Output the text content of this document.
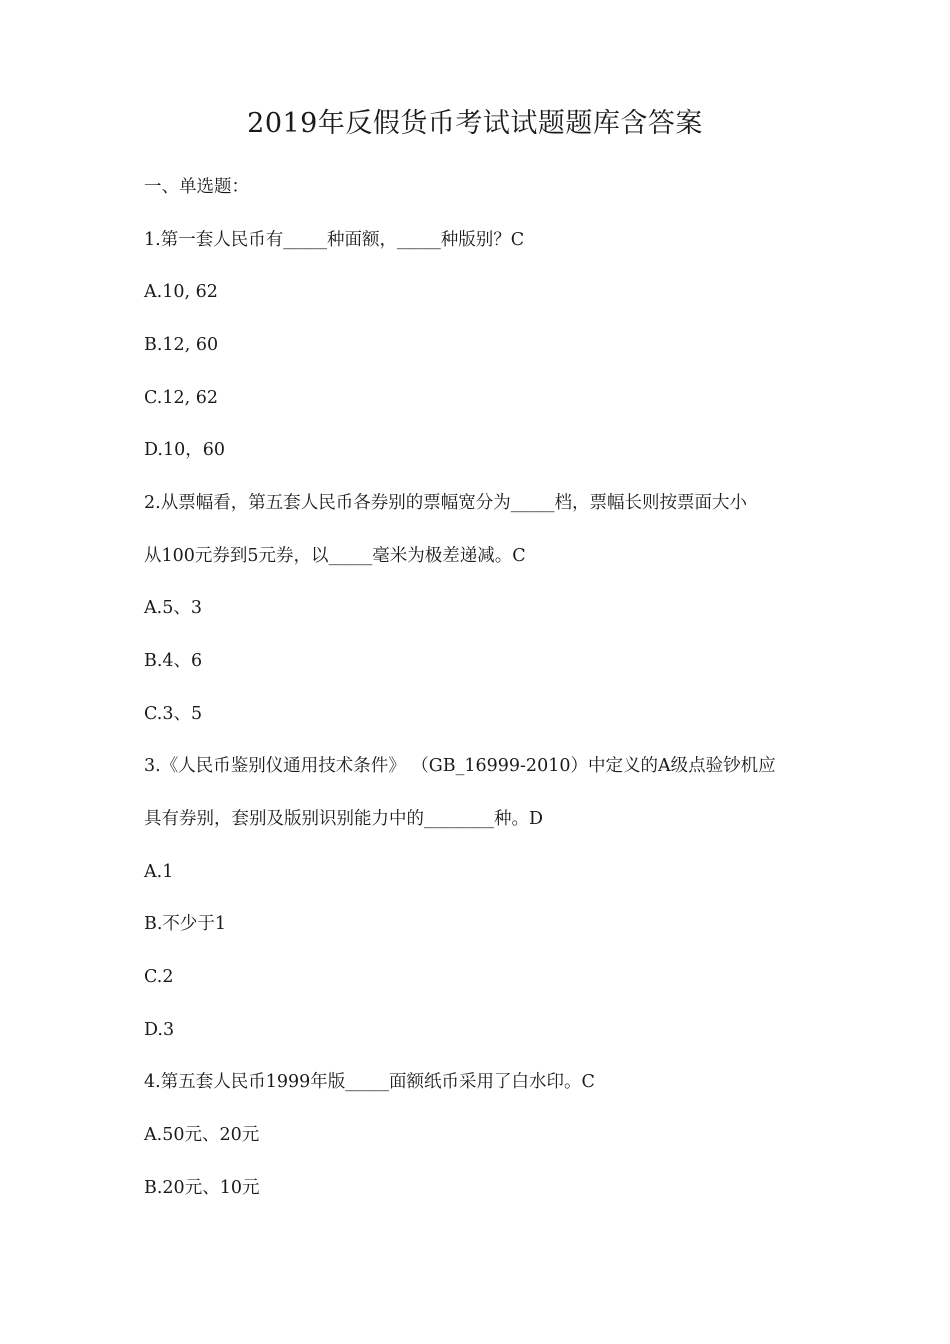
2019年反假货币考试试题题库含答案
一、单选题：
1.第一套人民币有_____种面额，_____种版别？C
A.10, 62
B.12, 60
C.12, 62
D.10，60
2.从票幅看，第五套人民币各券别的票幅宽分为_____档，票幅长则按票面大小
从100元券到5元券，以_____毫米为极差递减。C
A.5、3
B.4、6
C.3、5
3.《人民币鉴别仪通用技术条件》 （GB_16999-2010）中定义的A级点验钞机应
具有券别，套别及版别识别能力中的________种。D
A.1
B.不少于1
C.2
D.3
4.第五套人民币1999年版_____面额纸币采用了白水印。C
A.50元、20元
B.20元、10元
